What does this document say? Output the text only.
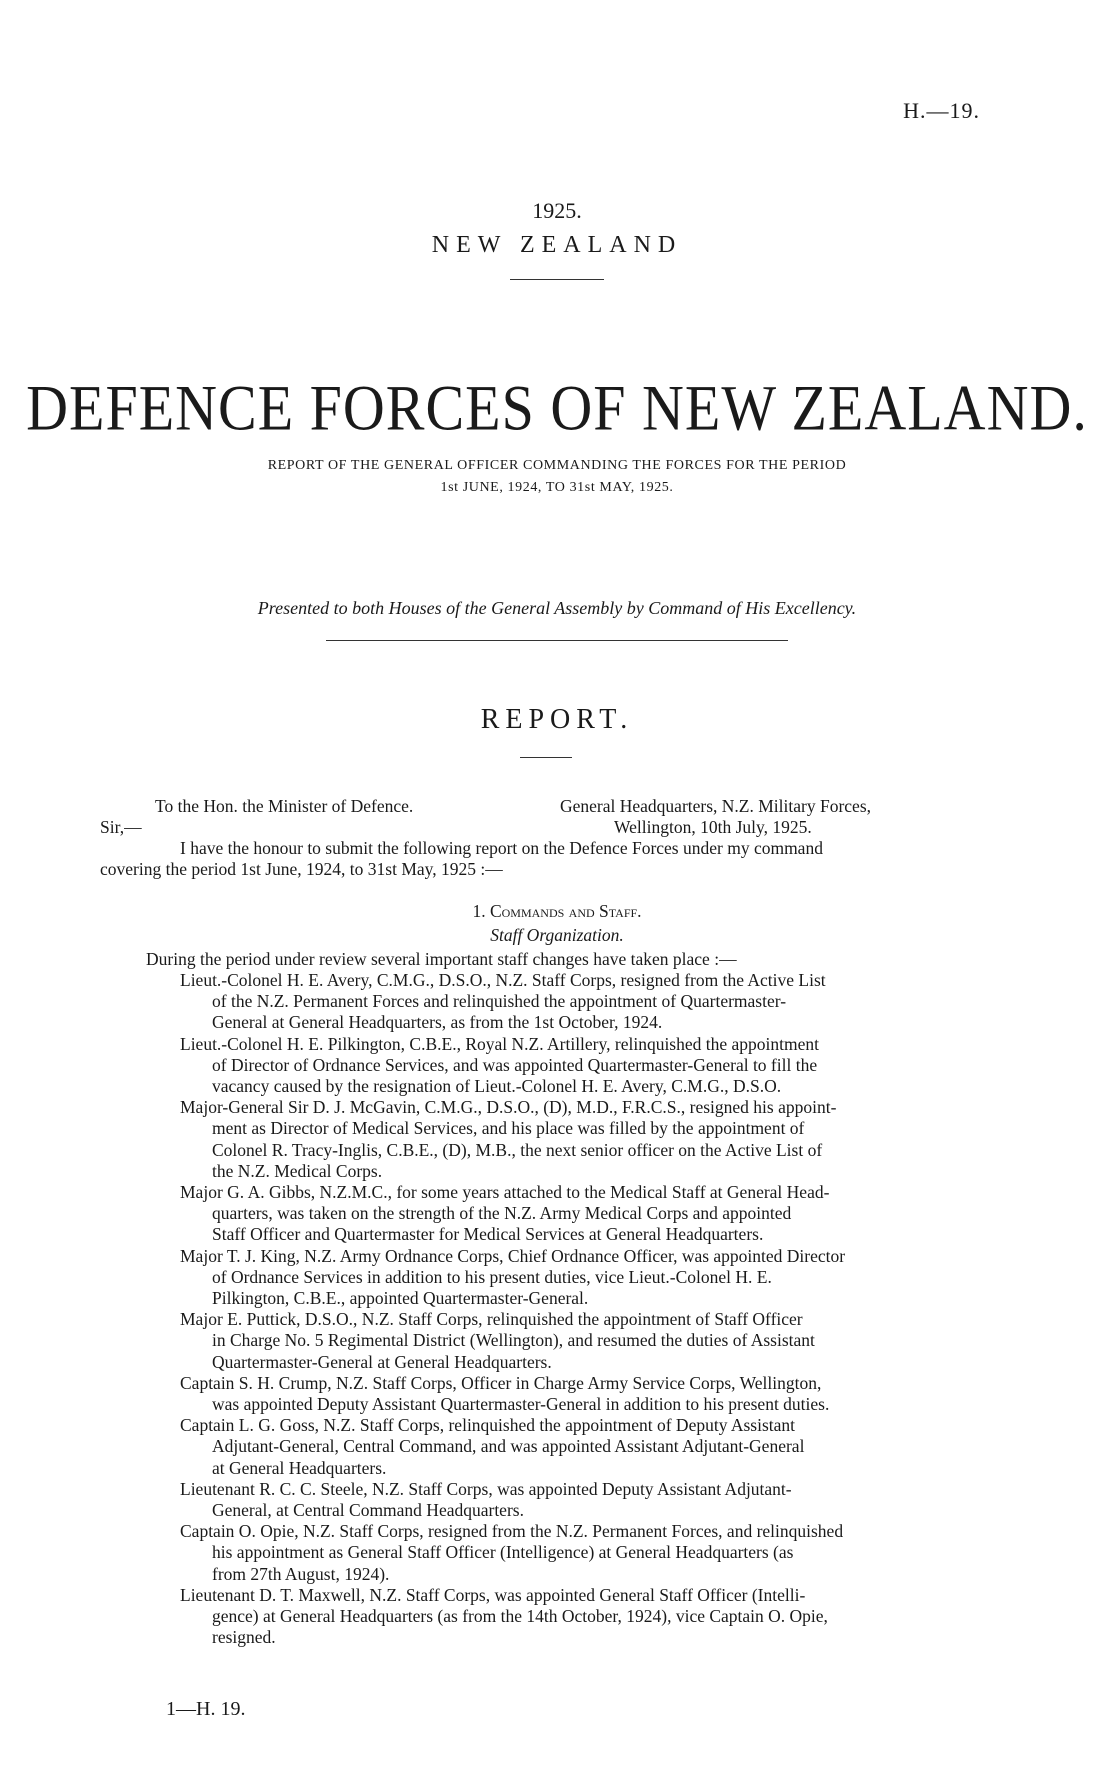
H.—19.
1925.
NEW ZEALAND
DEFENCE FORCES OF NEW ZEALAND.
REPORT OF THE GENERAL OFFICER COMMANDING THE FORCES FOR THE PERIOD
1st JUNE, 1924, TO 31st MAY, 1925.
Presented to both Houses of the General Assembly by Command of His Excellency.
REPORT.
To the Hon. the Minister of Defence.	General Headquarters, N.Z. Military Forces,
Sir,—	Wellington, 10th July, 1925.
I have the honour to submit the following report on the Defence Forces under my command
covering the period 1st June, 1924, to 31st May, 1925 :—
1. Commands and Staff.
Staff Organization.
During the period under review several important staff changes have taken place :—
Lieut.-Colonel H. E. Avery, C.M.G., D.S.O., N.Z. Staff Corps, resigned from the Active List
of the N.Z. Permanent Forces and relinquished the appointment of Quartermaster-
General at General Headquarters, as from the 1st October, 1924.
Lieut.-Colonel H. E. Pilkington, C.B.E., Royal N.Z. Artillery, relinquished the appointment
of Director of Ordnance Services, and was appointed Quartermaster-General to fill the
vacancy caused by the resignation of Lieut.-Colonel H. E. Avery, C.M.G., D.S.O.
Major-General Sir D. J. McGavin, C.M.G., D.S.O., (D), M.D., F.R.C.S., resigned his appoint-
ment as Director of Medical Services, and his place was filled by the appointment of
Colonel R. Tracy-Inglis, C.B.E., (D), M.B., the next senior officer on the Active List of
the N.Z. Medical Corps.
Major G. A. Gibbs, N.Z.M.C., for some years attached to the Medical Staff at General Head-
quarters, was taken on the strength of the N.Z. Army Medical Corps and appointed
Staff Officer and Quartermaster for Medical Services at General Headquarters.
Major T. J. King, N.Z. Army Ordnance Corps, Chief Ordnance Officer, was appointed Director
of Ordnance Services in addition to his present duties, vice Lieut.-Colonel H. E.
Pilkington, C.B.E., appointed Quartermaster-General.
Major E. Puttick, D.S.O., N.Z. Staff Corps, relinquished the appointment of Staff Officer
in Charge No. 5 Regimental District (Wellington), and resumed the duties of Assistant
Quartermaster-General at General Headquarters.
Captain S. H. Crump, N.Z. Staff Corps, Officer in Charge Army Service Corps, Wellington,
was appointed Deputy Assistant Quartermaster-General in addition to his present duties.
Captain L. G. Goss, N.Z. Staff Corps, relinquished the appointment of Deputy Assistant
Adjutant-General, Central Command, and was appointed Assistant Adjutant-General
at General Headquarters.
Lieutenant R. C. C. Steele, N.Z. Staff Corps, was appointed Deputy Assistant Adjutant-
General, at Central Command Headquarters.
Captain O. Opie, N.Z. Staff Corps, resigned from the N.Z. Permanent Forces, and relinquished
his appointment as General Staff Officer (Intelligence) at General Headquarters (as
from 27th August, 1924).
Lieutenant D. T. Maxwell, N.Z. Staff Corps, was appointed General Staff Officer (Intelli-
gence) at General Headquarters (as from the 14th October, 1924), vice Captain O. Opie,
resigned.
1—H. 19.
